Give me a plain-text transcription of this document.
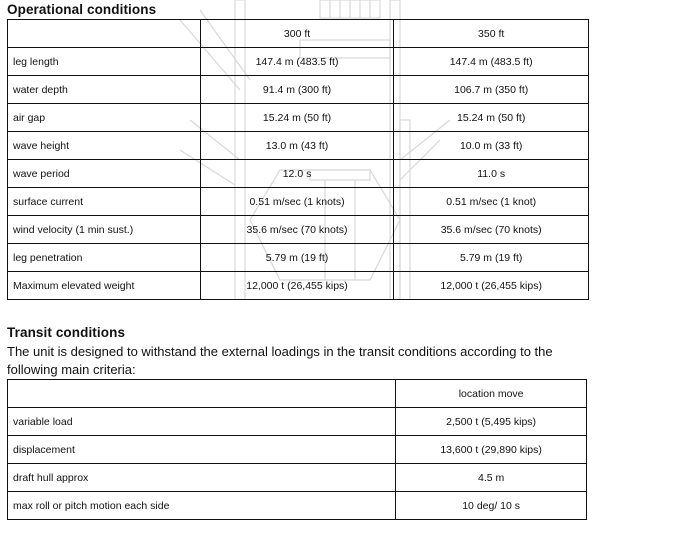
Operational conditions
	300 ft	350 ft
leg length	147.4 m (483.5 ft)	147.4 m (483.5 ft)
water depth	91.4 m (300 ft)	106.7 m (350 ft)
air gap	15.24 m (50 ft)	15.24 m (50 ft)
wave height	13.0 m (43 ft)	10.0 m (33 ft)
wave period	12.0 s	11.0 s
surface current	0.51 m/sec (1 knots)	0.51 m/sec (1 knot)
wind velocity (1 min sust.)	35.6 m/sec (70 knots)	35.6 m/sec (70 knots)
leg penetration	5.79 m (19 ft)	5.79 m (19 ft)
Maximum elevated weight	12,000 t (26,455 kips)	12,000 t (26,455 kips)
Transit conditions
The unit is designed to withstand the external loadings in the transit conditions according to the
following main criteria:
	location move
variable load	2,500 t (5,495 kips)
displacement	13,600 t (29,890 kips)
draft hull approx	4.5 m
max roll or pitch motion each side	10 deg/ 10 s
